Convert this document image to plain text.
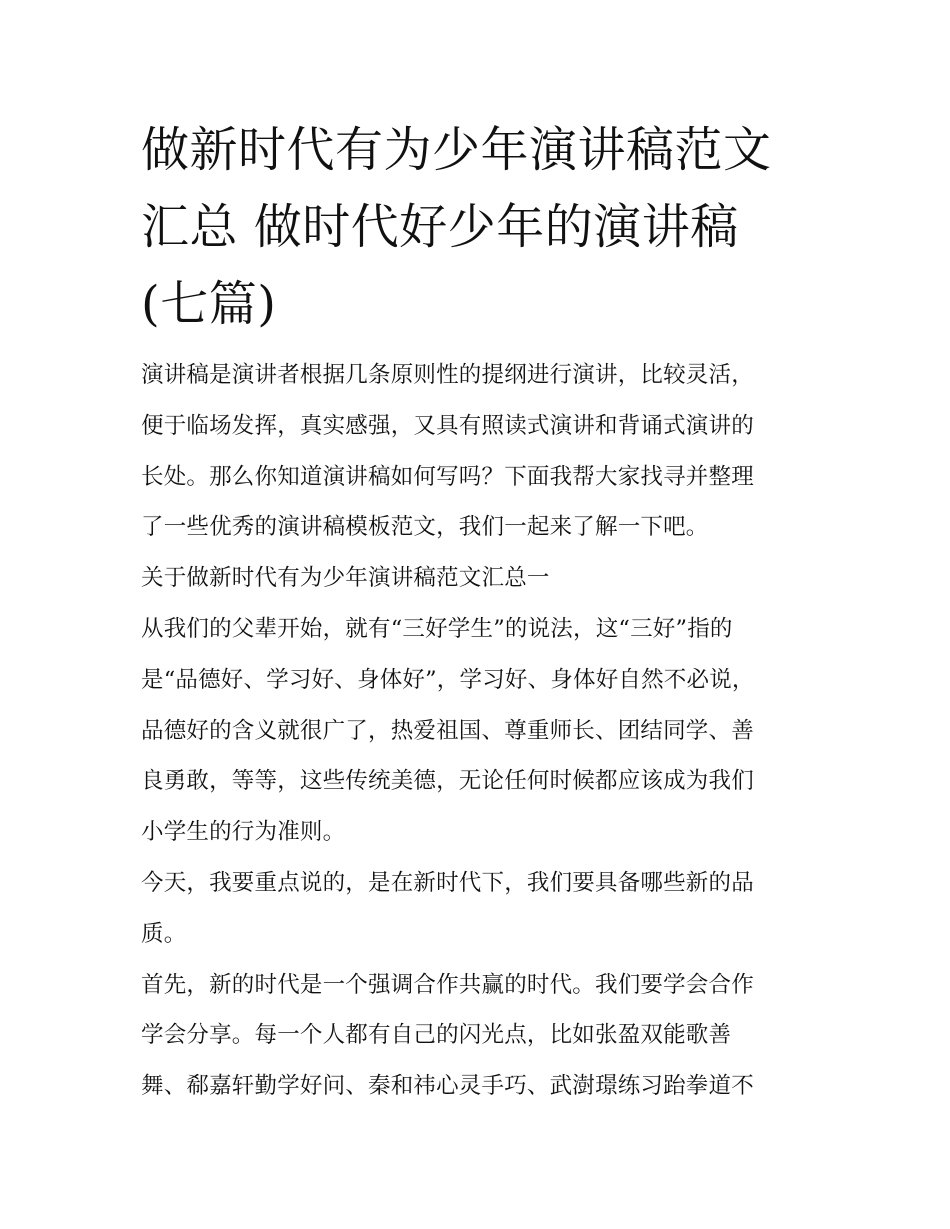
做新时代有为少年演讲稿范文
汇总 做时代好少年的演讲稿
(七篇)
演讲稿是演讲者根据几条原则性的提纲进行演讲，比较灵活，
便于临场发挥，真实感强，又具有照读式演讲和背诵式演讲的
长处。那么你知道演讲稿如何写吗？下面我帮大家找寻并整理
了一些优秀的演讲稿模板范文，我们一起来了解一下吧。
关于做新时代有为少年演讲稿范文汇总一
从我们的父辈开始，就有“三好学生”的说法，这“三好”指的
是“品德好、学习好、身体好”，学习好、身体好自然不必说，
品德好的含义就很广了，热爱祖国、尊重师长、团结同学、善
良勇敢，等等，这些传统美德，无论任何时候都应该成为我们
小学生的行为准则。
今天，我要重点说的，是在新时代下，我们要具备哪些新的品
质。
首先，新的时代是一个强调合作共赢的时代。我们要学会合作
学会分享。每一个人都有自己的闪光点，比如张盈双能歌善
舞、郗嘉轩勤学好问、秦和祎心灵手巧、武澍璟练习跆拳道不
